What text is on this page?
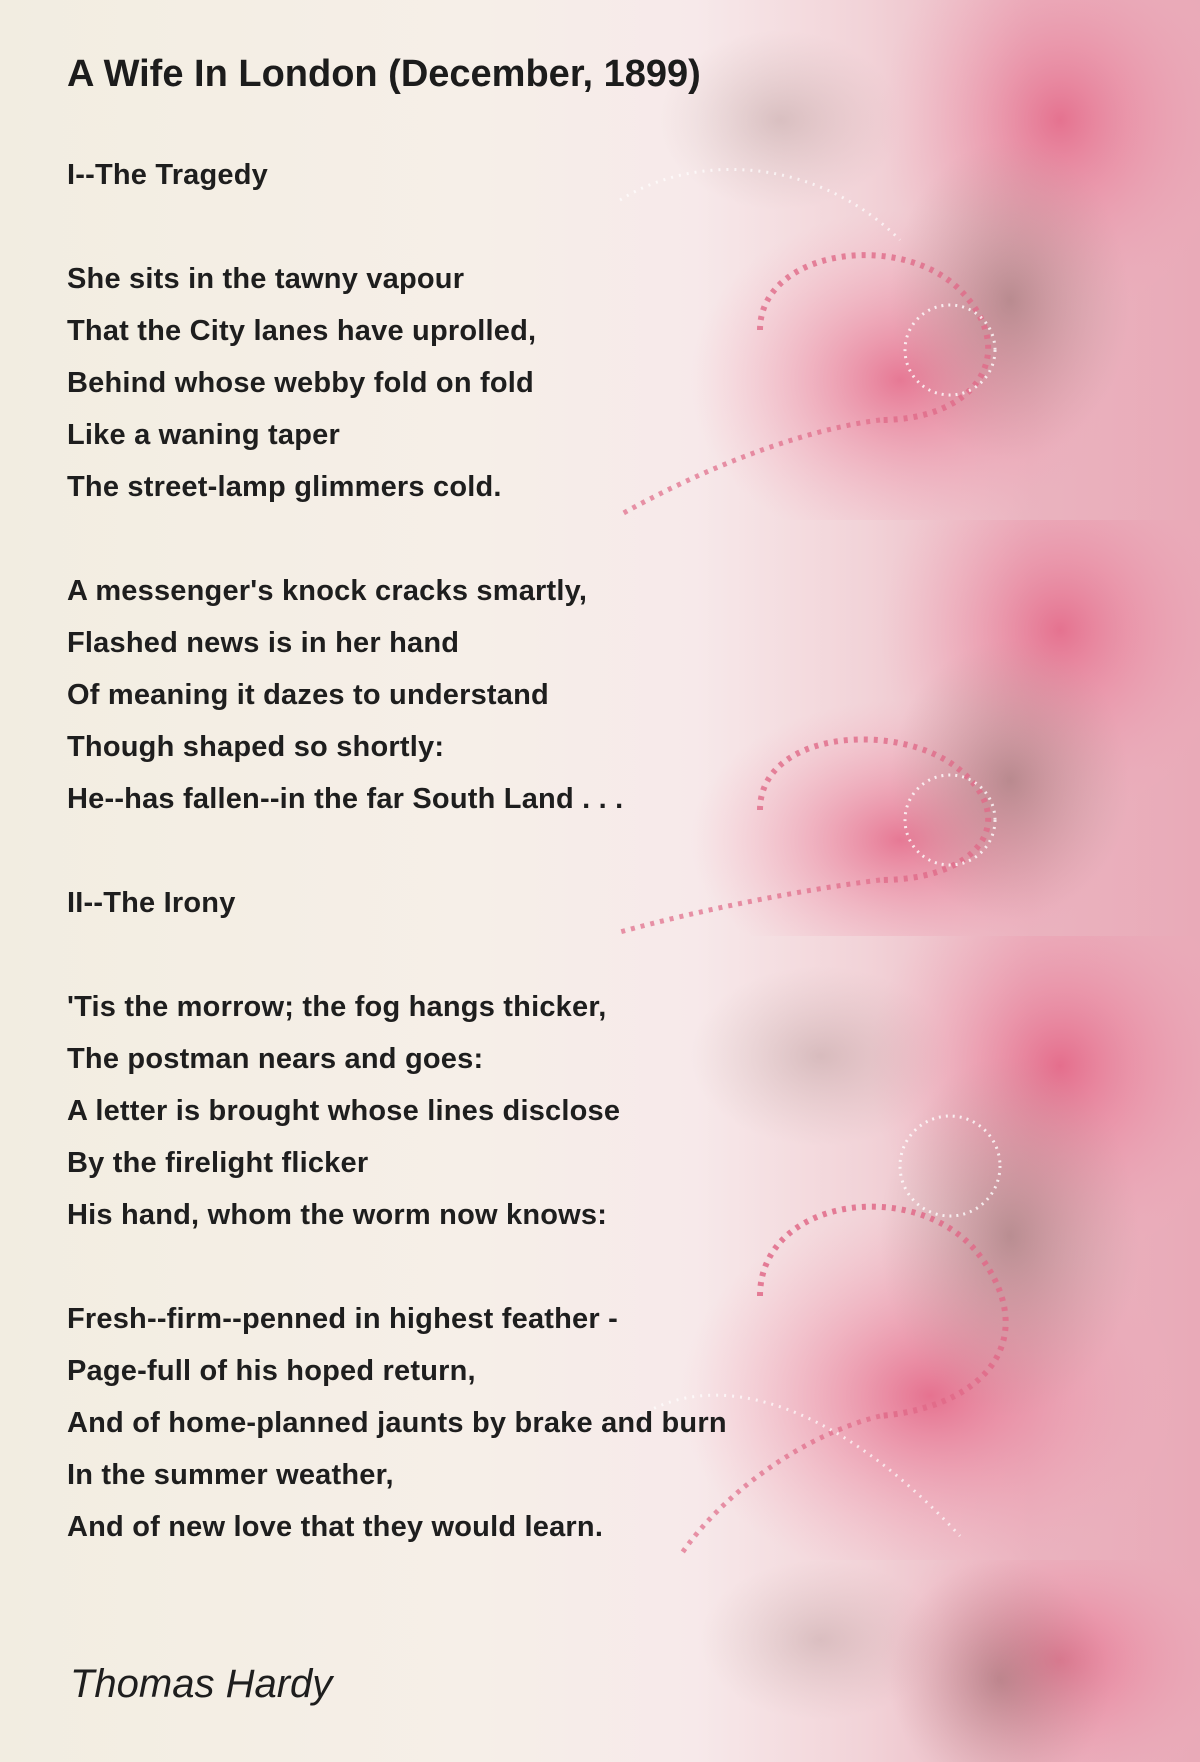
A Wife In London (December, 1899)
I--The Tragedy
She sits in the tawny vapour
That the City lanes have uprolled,
Behind whose webby fold on fold
Like a waning taper
The street-lamp glimmers cold.
A messenger's knock cracks smartly,
Flashed news is in her hand
Of meaning it dazes to understand
Though shaped so shortly:
He--has fallen--in the far South Land . . .
II--The Irony
'Tis the morrow; the fog hangs thicker,
The postman nears and goes:
A letter is brought whose lines disclose
By the firelight flicker
His hand, whom the worm now knows:
Fresh--firm--penned in highest feather -
Page-full of his hoped return,
And of home-planned jaunts by brake and burn
In the summer weather,
And of new love that they would learn.
Thomas Hardy
